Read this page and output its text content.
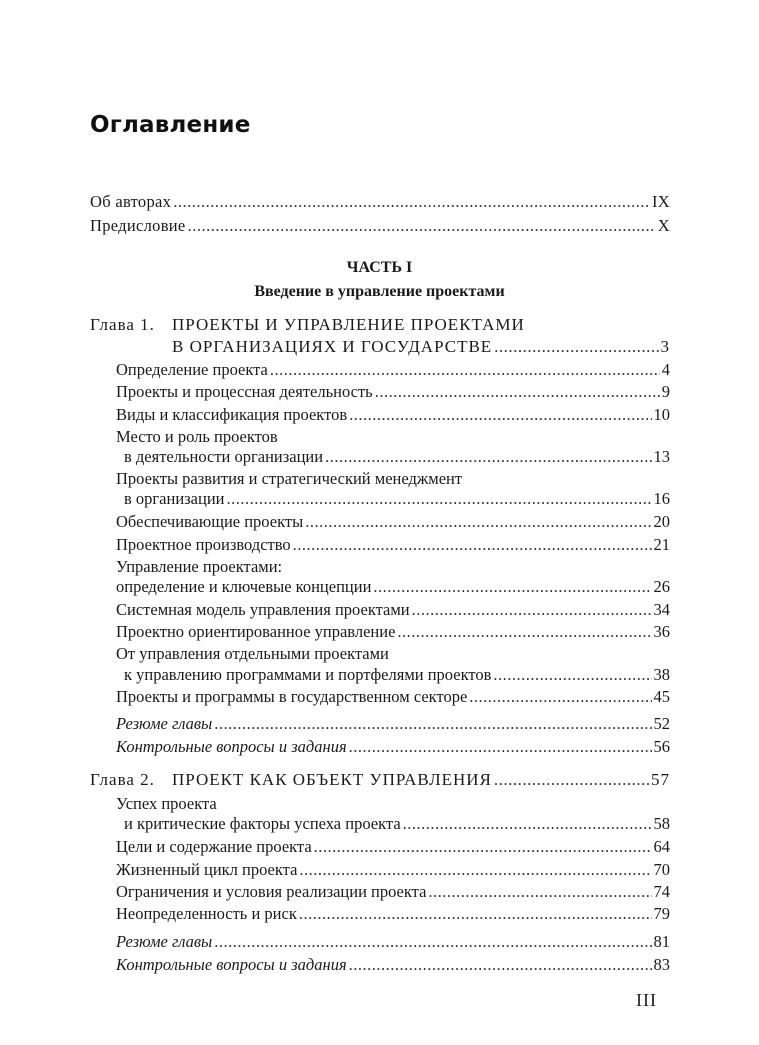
Оглавление
Об авторах .....	IX
Предисловие .....	X
ЧАСТЬ I
Введение в управление проектами
Глава 1. ПРОЕКТЫ И УПРАВЛЕНИЕ ПРОЕКТАМИ
В ОРГАНИЗАЦИЯХ И ГОСУДАРСТВЕ .....	3
Определение проекта .....	4
Проекты и процессная деятельность .....	9
Виды и классификация проектов .....	10
Место и роль проектов
в деятельности организации .....	13
Проекты развития и стратегический менеджмент
в организации .....	16
Обеспечивающие проекты .....	20
Проектное производство .....	21
Управление проектами:
определение и ключевые концепции .....	26
Системная модель управления проектами .....	34
Проектно ориентированное управление .....	36
От управления отдельными проектами
к управлению программами и портфелями проектов .....	38
Проекты и программы в государственном секторе .....	45
Резюме главы .....	52
Контрольные вопросы и задания .....	56
Глава 2. ПРОЕКТ КАК ОБЪЕКТ УПРАВЛЕНИЯ .....	57
Успех проекта
и критические факторы успеха проекта .....	58
Цели и содержание проекта .....	64
Жизненный цикл проекта .....	70
Ограничения и условия реализации проекта .....	74
Неопределенность и риск .....	79
Резюме главы .....	81
Контрольные вопросы и задания .....	83
III
